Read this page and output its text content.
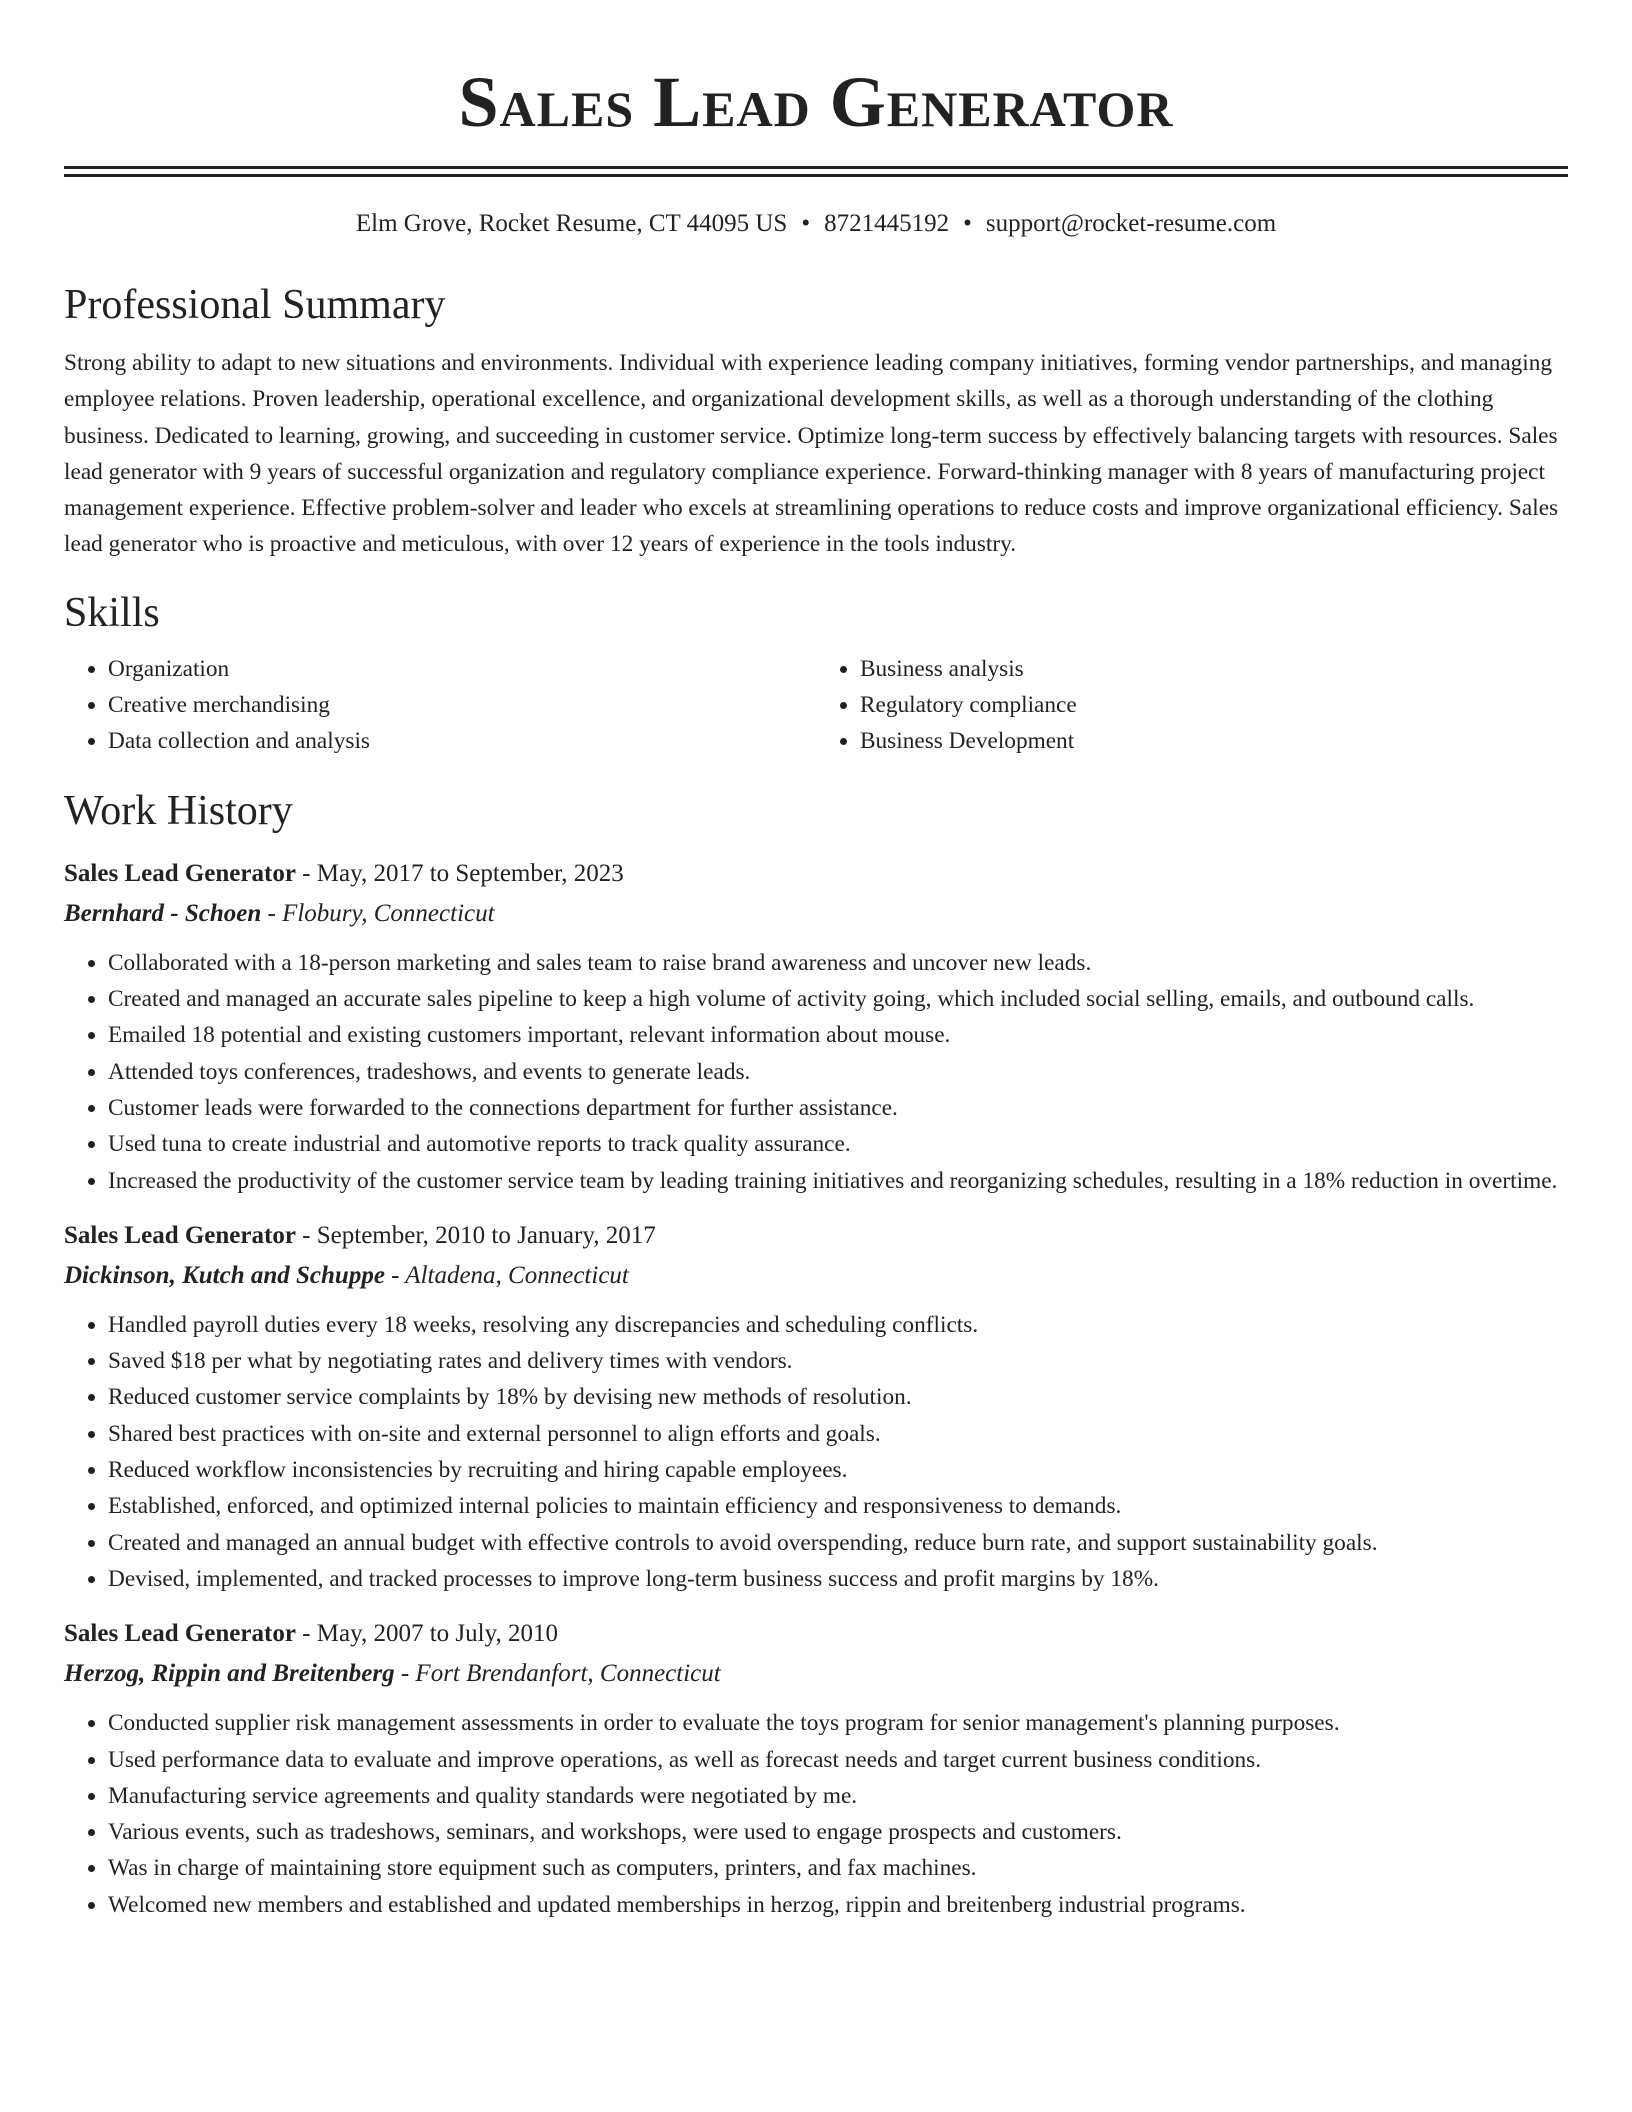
Sales Lead Generator
Elm Grove, Rocket Resume, CT 44095 US • 8721445192 • support@rocket-resume.com
Professional Summary

Strong ability to adapt to new situations and environments. Individual with experience leading company initiatives, forming vendor partnerships, and managing employee relations. Proven leadership, operational excellence, and organizational development skills, as well as a thorough understanding of the clothing business. Dedicated to learning, growing, and succeeding in customer service. Optimize long-term success by effectively balancing targets with resources. Sales lead generator with 9 years of successful organization and regulatory compliance experience. Forward-thinking manager with 8 years of manufacturing project management experience. Effective problem-solver and leader who excels at streamlining operations to reduce costs and improve organizational efficiency. Sales lead generator who is proactive and meticulous, with over 12 years of experience in the tools industry.

Skills
• Organization
• Creative merchandising
• Data collection and analysis
• Business analysis
• Regulatory compliance
• Business Development
Work History
Sales Lead Generator - May, 2017 to September, 2023
Bernhard - Schoen - Flobury, Connecticut
• Collaborated with a 18-person marketing and sales team to raise brand awareness and uncover new leads.
• Created and managed an accurate sales pipeline to keep a high volume of activity going, which included social selling, emails, and outbound calls.
• Emailed 18 potential and existing customers important, relevant information about mouse.
• Attended toys conferences, tradeshows, and events to generate leads.
• Customer leads were forwarded to the connections department for further assistance.
• Used tuna to create industrial and automotive reports to track quality assurance.
• Increased the productivity of the customer service team by leading training initiatives and reorganizing schedules, resulting in a 18% reduction in overtime.
Sales Lead Generator - September, 2010 to January, 2017
Dickinson, Kutch and Schuppe - Altadena, Connecticut
• Handled payroll duties every 18 weeks, resolving any discrepancies and scheduling conflicts.
• Saved $18 per what by negotiating rates and delivery times with vendors.
• Reduced customer service complaints by 18% by devising new methods of resolution.
• Shared best practices with on-site and external personnel to align efforts and goals.
• Reduced workflow inconsistencies by recruiting and hiring capable employees.
• Established, enforced, and optimized internal policies to maintain efficiency and responsiveness to demands.
• Created and managed an annual budget with effective controls to avoid overspending, reduce burn rate, and support sustainability goals.
• Devised, implemented, and tracked processes to improve long-term business success and profit margins by 18%.
Sales Lead Generator - May, 2007 to July, 2010
Herzog, Rippin and Breitenberg - Fort Brendanfort, Connecticut
• Conducted supplier risk management assessments in order to evaluate the toys program for senior management's planning purposes.
• Used performance data to evaluate and improve operations, as well as forecast needs and target current business conditions.
• Manufacturing service agreements and quality standards were negotiated by me.
• Various events, such as tradeshows, seminars, and workshops, were used to engage prospects and customers.
• Was in charge of maintaining store equipment such as computers, printers, and fax machines.
• Welcomed new members and established and updated memberships in herzog, rippin and breitenberg industrial programs.
